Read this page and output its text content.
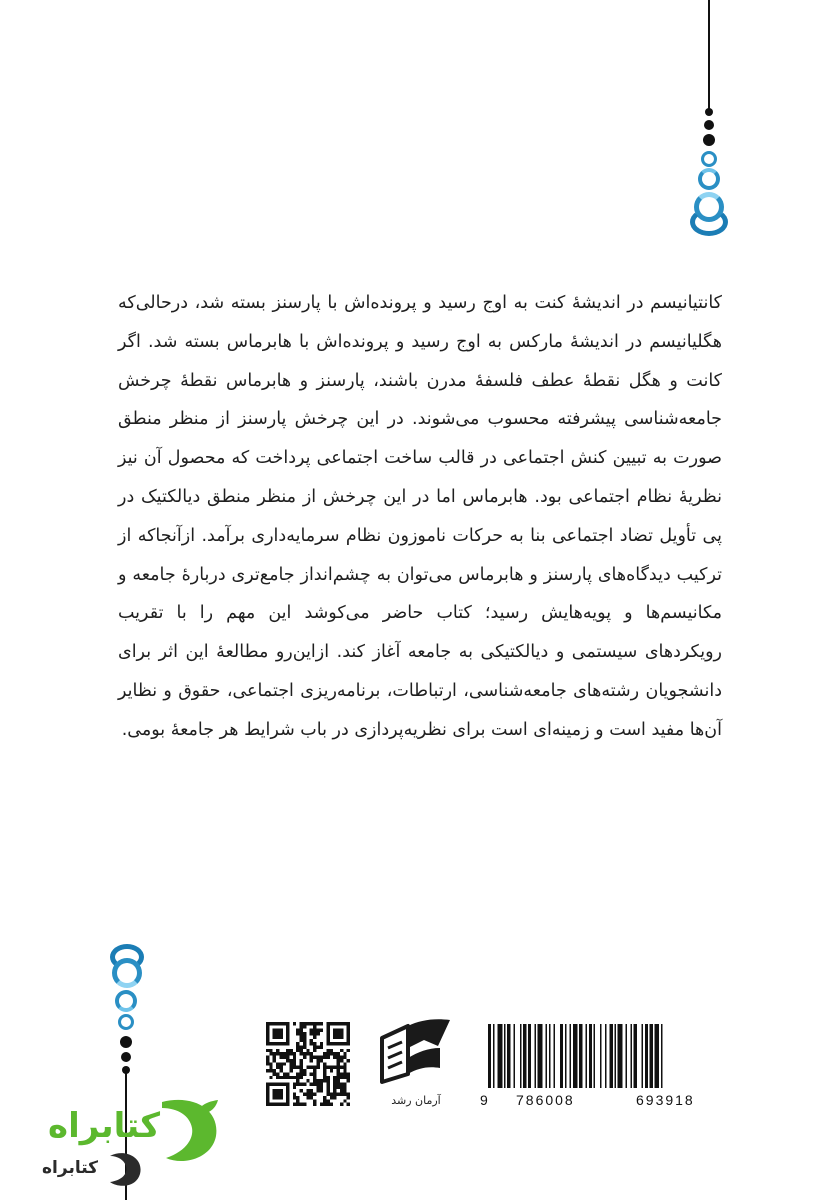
کانتیانیسم در اندیشهٔ کنت به اوج رسید و پرونده‌اش با پارسنز بسته شد، درحالی‌که هگلیانیسم در اندیشهٔ مارکس به اوج رسید و پرونده‌اش با هابرماس بسته شد. اگر کانت و هگل نقطهٔ عطف فلسفهٔ مدرن باشند، پارسنز و هابرماس نقطهٔ چرخش جامعه‌شناسی پیشرفته محسوب می‌شوند. در این چرخش پارسنز از منظر منطق صورت به تبیین کنش اجتماعی در قالب ساخت اجتماعی پرداخت که محصول آن نیز نظریهٔ نظام اجتماعی بود. هابرماس اما در این چرخش از منظر منطق دیالکتیک در پی تأویل تضاد اجتماعی بنا به حرکات ناموزون نظام سرمایه‌داری برآمد. ازآنجاکه از ترکیب دیدگاه‌های پارسنز و هابرماس می‌توان به چشم‌انداز جامع‌تری دربارهٔ جامعه و مکانیسم‌ها و پویه‌هایش رسید؛ کتاب حاضر می‌کوشد این مهم را با تقریب رویکردهای سیستمی و دیالکتیکی به جامعه آغاز کند. ازاین‌رو مطالعهٔ این اثر برای دانشجویان رشته‌های جامعه‌شناسی، ارتباطات، برنامه‌ریزی اجتماعی، حقوق و نظایر آن‌ها مفید است و زمینه‌ای است برای نظریه‌پردازی در باب شرایط هر جامعهٔ بومی.

آرمان رشد	9 786008	693918
کتابراه
کتابراه
